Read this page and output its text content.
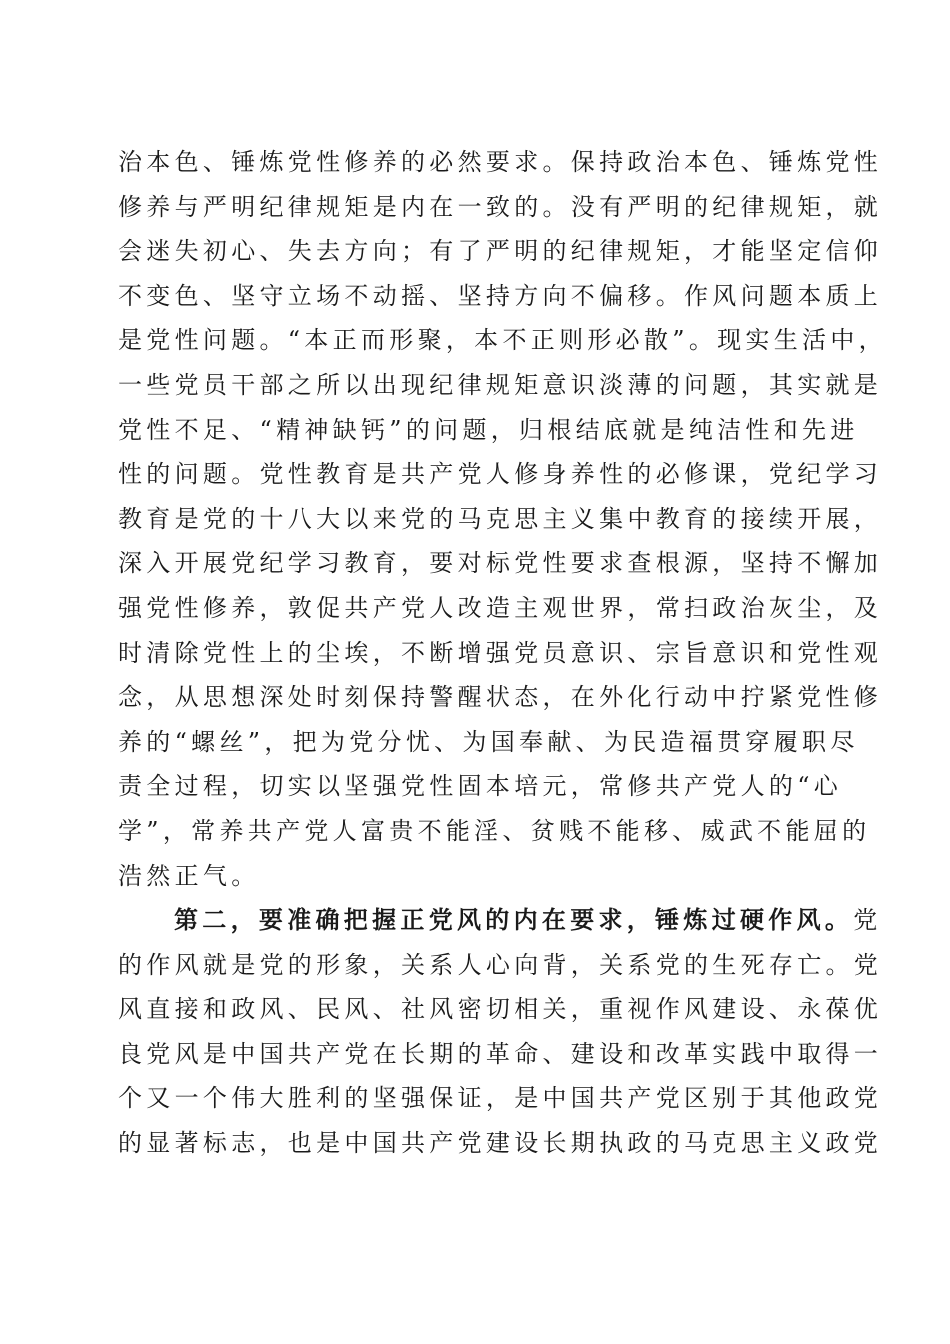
治本色、锤炼党性修养的必然要求。保持政治本色、锤炼党性
修养与严明纪律规矩是内在一致的。没有严明的纪律规矩，就
会迷失初心、失去方向；有了严明的纪律规矩，才能坚定信仰
不变色、坚守立场不动摇、坚持方向不偏移。作风问题本质上
是党性问题。“本正而形聚，本不正则形必散”。现实生活中，
一些党员干部之所以出现纪律规矩意识淡薄的问题，其实就是
党性不足、“精神缺钙”的问题，归根结底就是纯洁性和先进
性的问题。党性教育是共产党人修身养性的必修课，党纪学习
教育是党的十八大以来党的马克思主义集中教育的接续开展，
深入开展党纪学习教育，要对标党性要求查根源，坚持不懈加
强党性修养，敦促共产党人改造主观世界，常扫政治灰尘，及
时清除党性上的尘埃，不断增强党员意识、宗旨意识和党性观
念，从思想深处时刻保持警醒状态，在外化行动中拧紧党性修
养的“螺丝”，把为党分忧、为国奉献、为民造福贯穿履职尽
责全过程，切实以坚强党性固本培元，常修共产党人的“心
学”，常养共产党人富贵不能淫、贫贱不能移、威武不能屈的
浩然正气。
第二，要准确把握正党风的内在要求，锤炼过硬作风。党
的作风就是党的形象，关系人心向背，关系党的生死存亡。党
风直接和政风、民风、社风密切相关，重视作风建设、永葆优
良党风是中国共产党在长期的革命、建设和改革实践中取得一
个又一个伟大胜利的坚强保证，是中国共产党区别于其他政党
的显著标志，也是中国共产党建设长期执政的马克思主义政党
